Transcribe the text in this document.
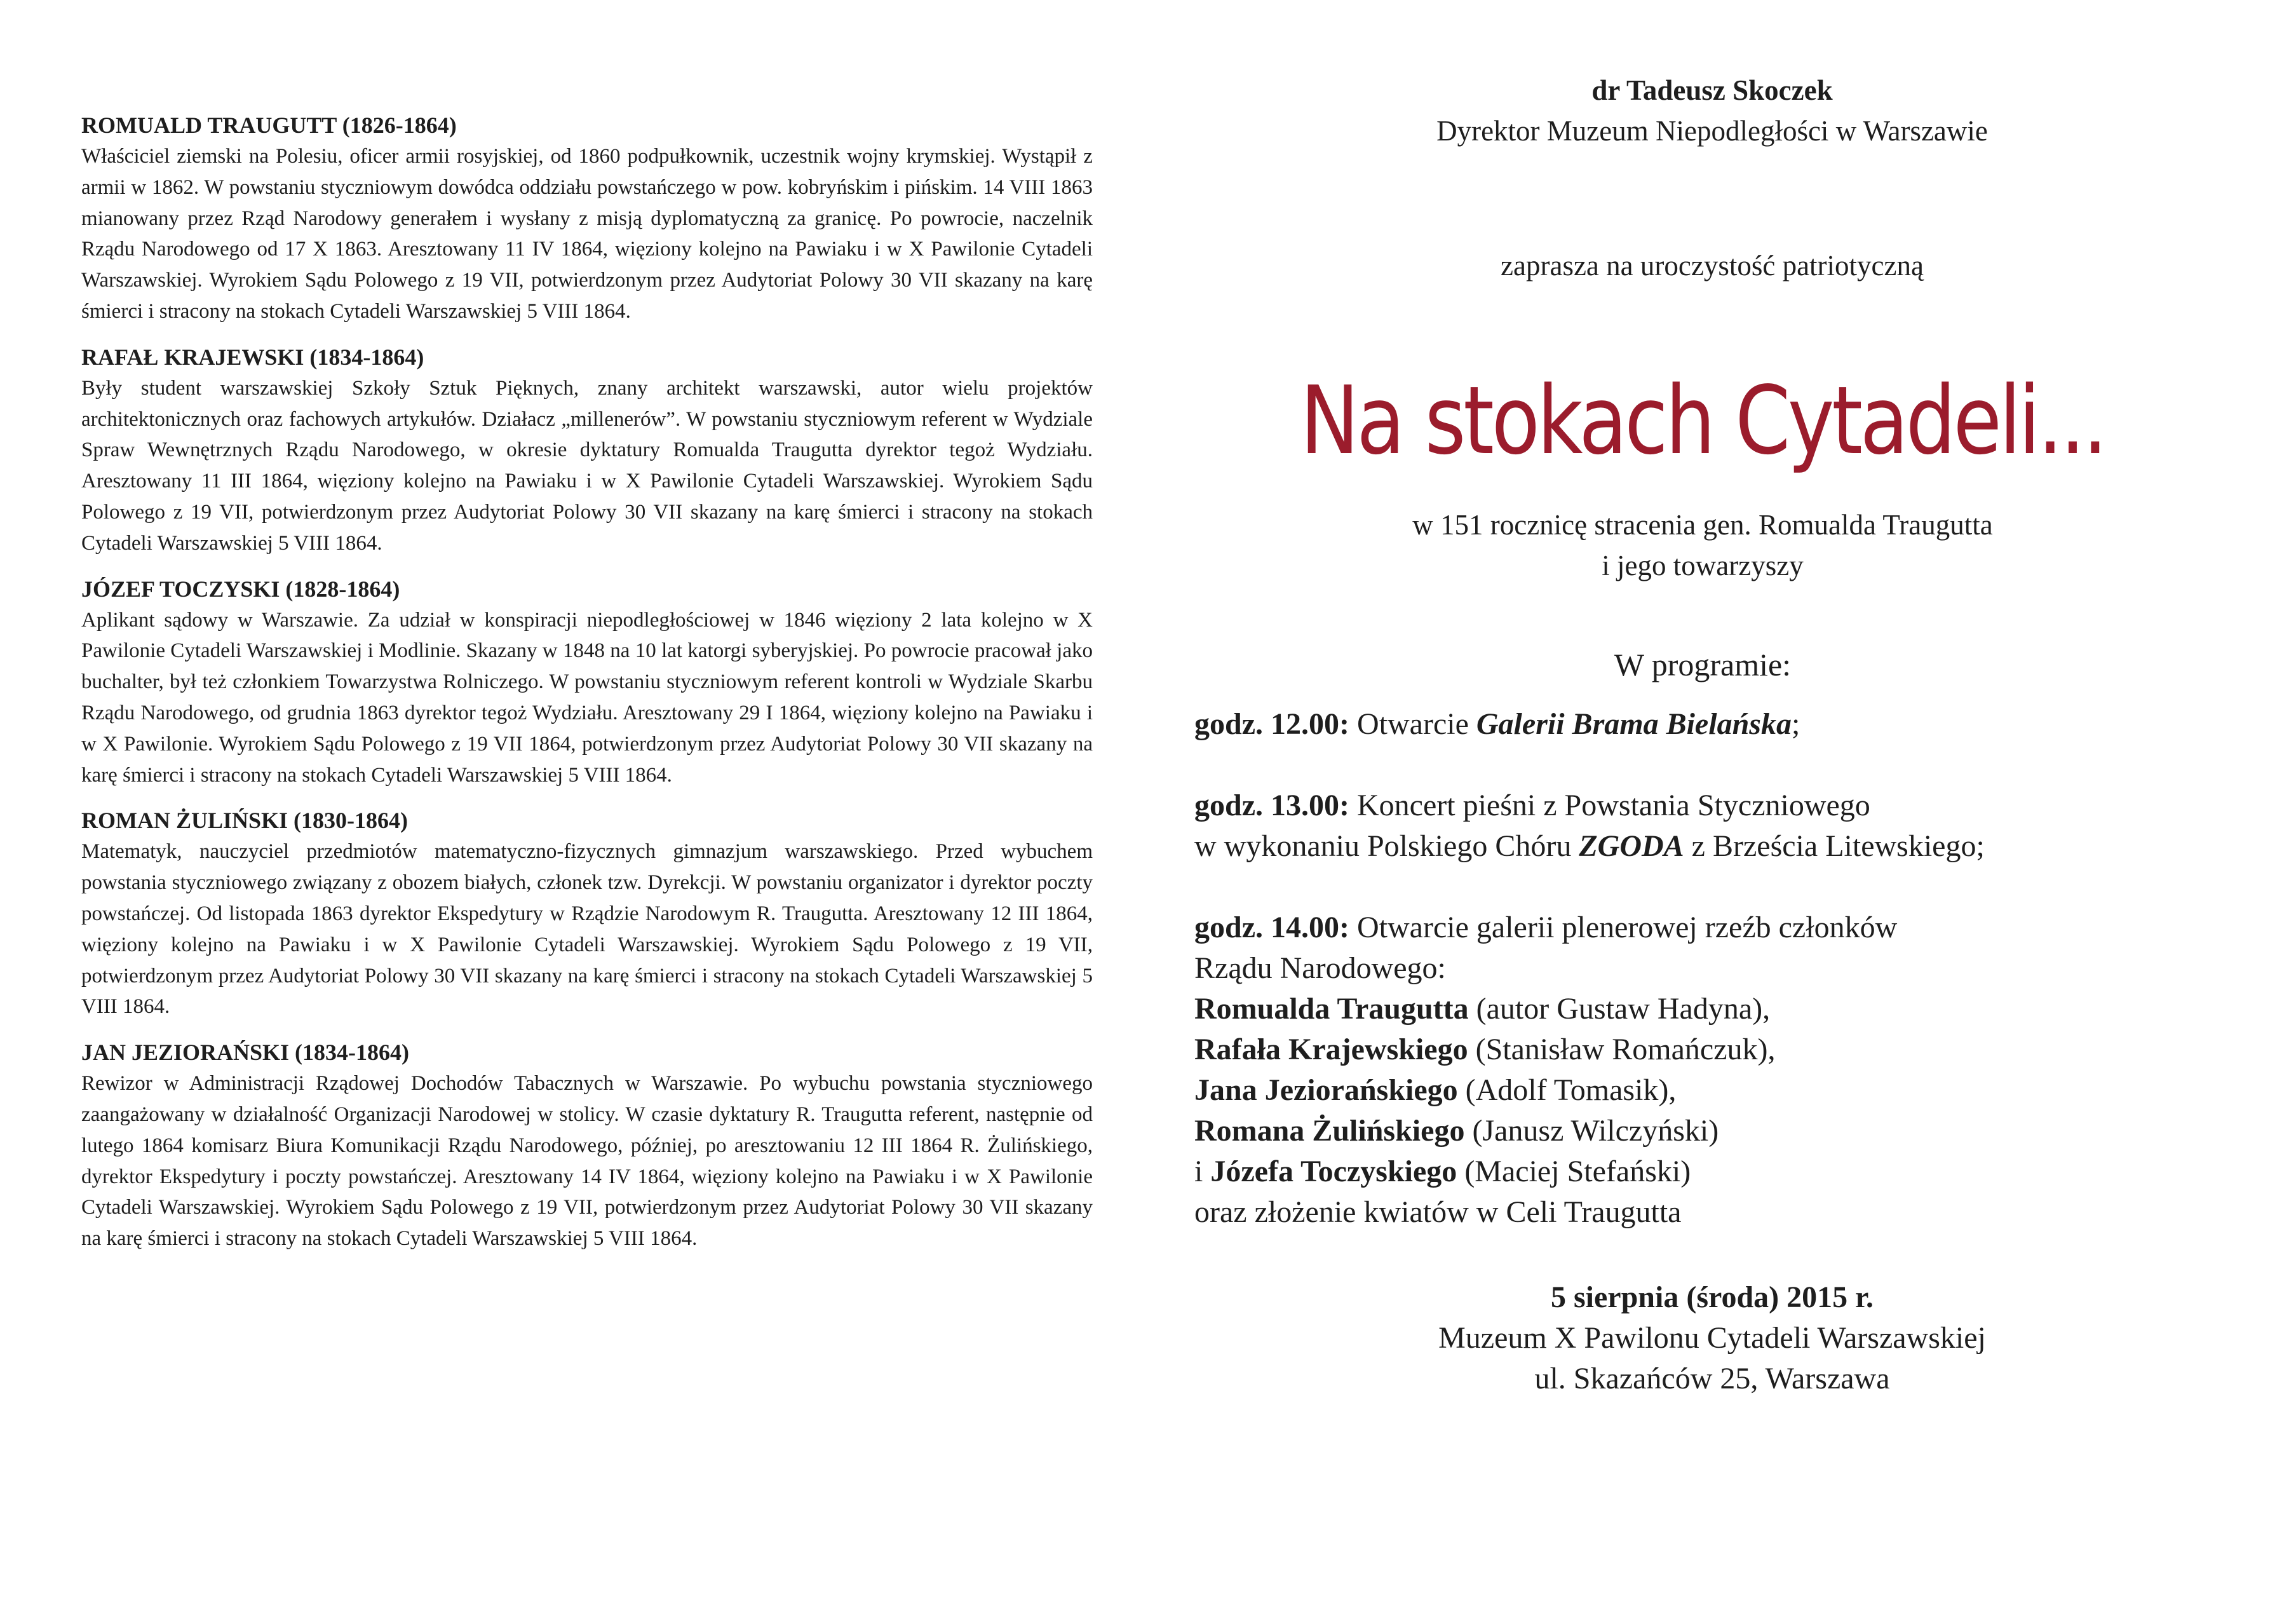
ROMUALD TRAUGUTT (1826-1864)

Właściciel ziemski na Polesiu, oficer armii rosyjskiej, od 1860 podpułkownik, uczestnik wojny krymskiej. Wystąpił z armii w 1862. W powstaniu styczniowym dowódca oddziału powstańczego w pow. kobryńskim i pińskim. 14 VIII 1863 mianowany przez Rząd Narodowy generałem i wysłany z misją dyplomatyczną za granicę. Po powrocie, naczelnik Rządu Narodowego od 17 X 1863. Aresztowany 11 IV 1864, więziony kolejno na Pawiaku i w X Pawilonie Cytadeli Warszawskiej. Wyrokiem Sądu Polowego z 19 VII, potwierdzonym przez Audytoriat Polowy 30 VII skazany na karę śmierci i stracony na stokach Cytadeli Warszawskiej 5 VIII 1864.

RAFAŁ KRAJEWSKI (1834-1864)

Były student warszawskiej Szkoły Sztuk Pięknych, znany architekt warszawski, autor wielu projektów architektonicznych oraz fachowych artykułów. Działacz „millenerów”. W powstaniu styczniowym referent w Wydziale Spraw Wewnętrznych Rządu Narodowego, w okresie dyktatury Romualda Traugutta dyrektor tegoż Wydziału. Aresztowany 11 III 1864, więziony kolejno na Pawiaku i w X Pawilonie Cytadeli Warszawskiej. Wyrokiem Sądu Polowego z 19 VII, potwierdzonym przez Audytoriat Polowy 30 VII skazany na karę śmierci i stracony na stokach Cytadeli Warszawskiej 5 VIII 1864.

JÓZEF TOCZYSKI (1828-1864)

Aplikant sądowy w Warszawie. Za udział w konspiracji niepodległościowej w 1846 więziony 2 lata kolejno w X Pawilonie Cytadeli Warszawskiej i Modlinie. Skazany w 1848 na 10 lat katorgi syberyjskiej. Po powrocie pracował jako buchalter, był też członkiem Towarzystwa Rolniczego. W powstaniu styczniowym referent kontroli w Wydziale Skarbu Rządu Narodowego, od grudnia 1863 dyrektor tegoż Wydziału. Aresztowany 29 I 1864, więziony kolejno na Pawiaku i w X Pawilonie. Wyrokiem Sądu Polowego z 19 VII 1864, potwierdzonym przez Audytoriat Polowy 30 VII skazany na karę śmierci i stracony na stokach Cytadeli Warszawskiej 5 VIII 1864.

ROMAN ŻULIŃSKI (1830-1864)

Matematyk, nauczyciel przedmiotów matematyczno-fizycznych gimnazjum warszawskiego. Przed wybuchem powstania styczniowego związany z obozem białych, członek tzw. Dyrekcji. W powstaniu organizator i dyrektor poczty powstańczej. Od listopada 1863 dyrektor Ekspedytury w Rządzie Narodowym R. Traugutta. Aresztowany 12 III 1864, więziony kolejno na Pawiaku i w X Pawilonie Cytadeli Warszawskiej. Wyrokiem Sądu Polowego z 19 VII, potwierdzonym przez Audytoriat Polowy 30 VII skazany na karę śmierci i stracony na stokach Cytadeli Warszawskiej 5 VIII 1864.

JAN JEZIORAŃSKI (1834-1864)

Rewizor w Administracji Rządowej Dochodów Tabacznych w Warszawie. Po wybuchu powstania styczniowego zaangażowany w działalność Organizacji Narodowej w stolicy. W czasie dyktatury R. Traugutta referent, następnie od lutego 1864 komisarz Biura Komunikacji Rządu Narodowego, później, po aresztowaniu 12 III 1864 R. Żulińskiego, dyrektor Ekspedytury i poczty powstańczej. Aresztowany 14 IV 1864, więziony kolejno na Pawiaku i w X Pawilonie Cytadeli Warszawskiej. Wyrokiem Sądu Polowego z 19 VII, potwierdzonym przez Audytoriat Polowy 30 VII skazany na karę śmierci i stracony na stokach Cytadeli Warszawskiej 5 VIII 1864.

dr Tadeusz Skoczek

Dyrektor Muzeum Niepodległości w Warszawie

zaprasza na uroczystość patriotyczną

Na stokach Cytadeli...

w 151 rocznicę stracenia gen. Romualda Traugutta
i jego towarzyszy

W programie:

godz. 12.00: Otwarcie Galerii Brama Bielańska;

godz. 13.00: Koncert pieśni z Powstania Styczniowego

w wykonaniu Polskiego Chóru ZGODA z Brześcia Litewskiego;

godz. 14.00: Otwarcie galerii plenerowej rzeźb członków

Rządu Narodowego:

Romualda Traugutta (autor Gustaw Hadyna),

Rafała Krajewskiego (Stanisław Romańczuk),

Jana Jeziorańskiego (Adolf Tomasik),

Romana Żulińskiego (Janusz Wilczyński)

i Józefa Toczyskiego (Maciej Stefański)

oraz złożenie kwiatów w Celi Traugutta

5 sierpnia (środa) 2015 r.

Muzeum X Pawilonu Cytadeli Warszawskiej

ul. Skazańców 25, Warszawa
